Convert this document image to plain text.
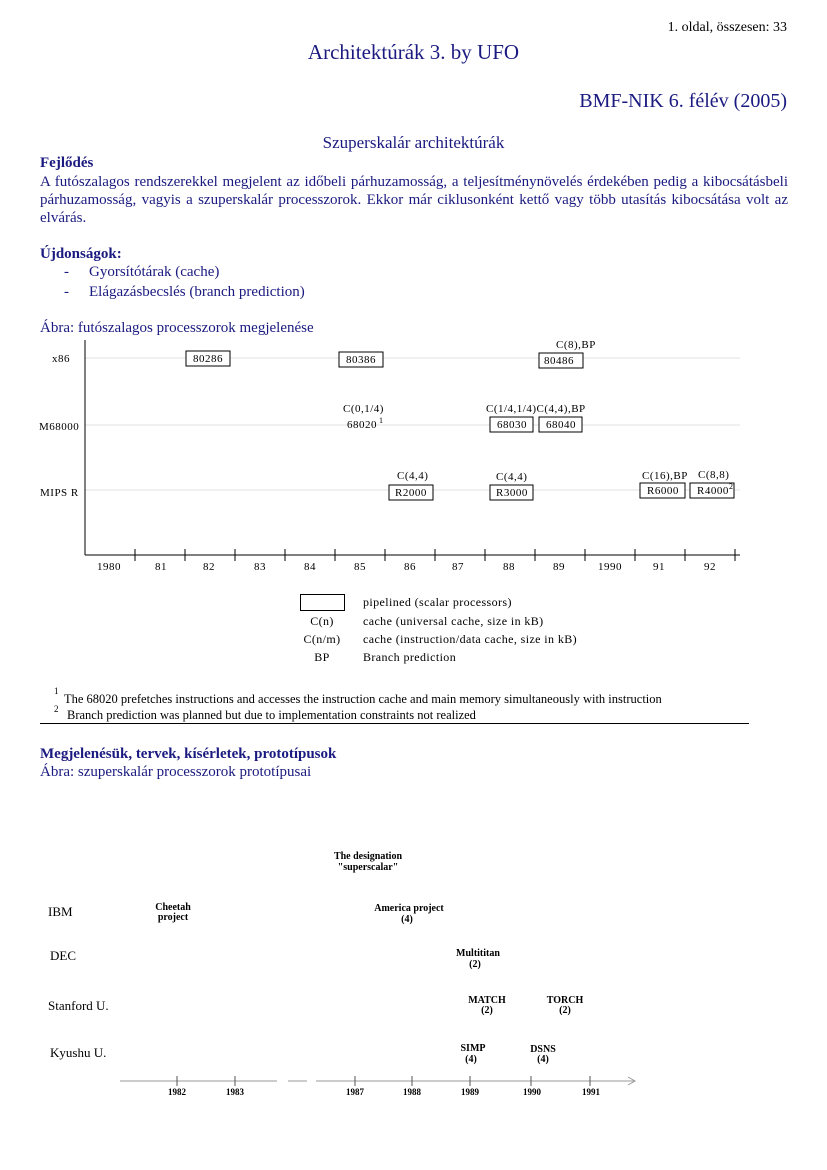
1. oldal, összesen: 33
Architektúrák 3. by UFO
BMF-NIK 6. félév (2005)
Szuperskalár architektúrák
Fejlődés
A futószalagos rendszerekkel megjelent az időbeli párhuzamosság, a teljesítménynövelés érdekében pedig a kibocsátásbeli párhuzamosság, vagyis a szuperskalár processzorok. Ekkor már ciklusonként kettő vagy több utasítás kibocsátása volt az elvárás.
Újdonságok:
- Gyorsítótárak (cache)
- Elágazásbecslés (branch prediction)
Ábra: futószalagos processzorok megjelenése
x86
M68000
MIPS R
1980	81	82	83	84	85	86	87	88	89	1990	91	92
80286	80386
C(8),BP
80486
C(0,1/4)
68020 1
C(1/4,1/4)C(4,4),BP
68030 68040
C(4,4)
R2000
C(4,4)
R3000
C(16),BP
R6000
C(8,8)
R4000 2
pipelined (scalar processors)
C(n)	cache (universal cache, size in kB)
C(n/m)	cache (instruction/data cache, size in kB)
BP	Branch prediction
1
The 68020 prefetches instructions and accesses the instruction cache and main memory simultaneously with instruction
2 Branch prediction was planned but due to implementation constraints not realized
Megjelenésük, tervek, kísérletek, prototípusok
Ábra: szuperskalár processzorok prototípusai
IBM
DEC
Stanford U.
Kyushu U.
The designation
"superscalar"
Cheetah
project
America project
(4)
Multititan
(2)
MATCH
(2)
TORCH
(2)
SIMP
(4)
DSNS
(4)
1982	1983	1987	1988	1989	1990	1991
